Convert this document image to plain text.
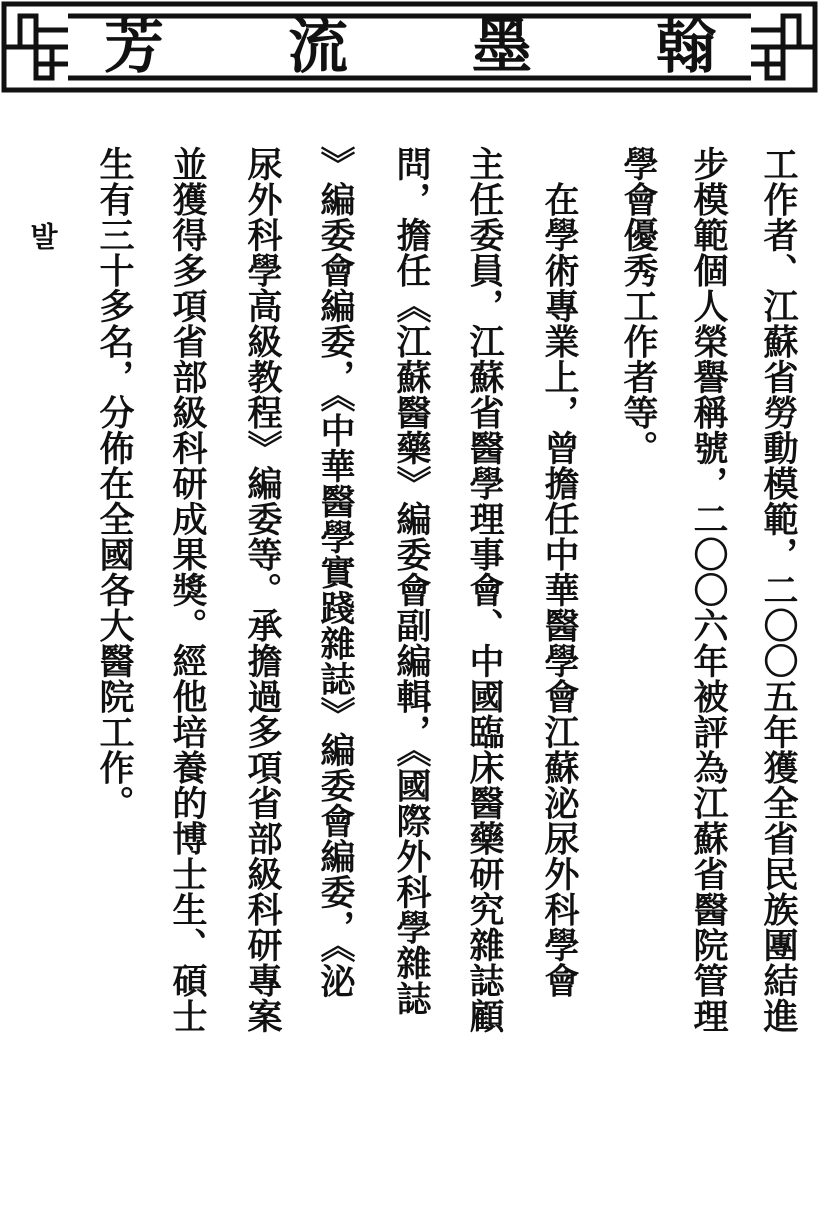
翰
墨
流
芳
工作者、江蘇省勞動模範，二〇〇五年獲全省民族團結進
步模範個人榮譽稱號，二〇〇六年被評為江蘇省醫院管理
學會優秀工作者等。
　在學術專業上，曾擔任中華醫學會江蘇泌尿外科學會
主任委員，江蘇省醫學理事會、中國臨床醫藥研究雜誌顧
問，擔任《江蘇醫藥》編委會副編輯，《國際外科學雜誌
》編委會編委，《中華醫學實踐雜誌》編委會編委，《泌
尿外科學高級教程》編委等。承擔過多項省部級科研專案
並獲得多項省部級科研成果獎。經他培養的博士生、碩士
生有三十多名，分佈在全國各大醫院工作。
발
